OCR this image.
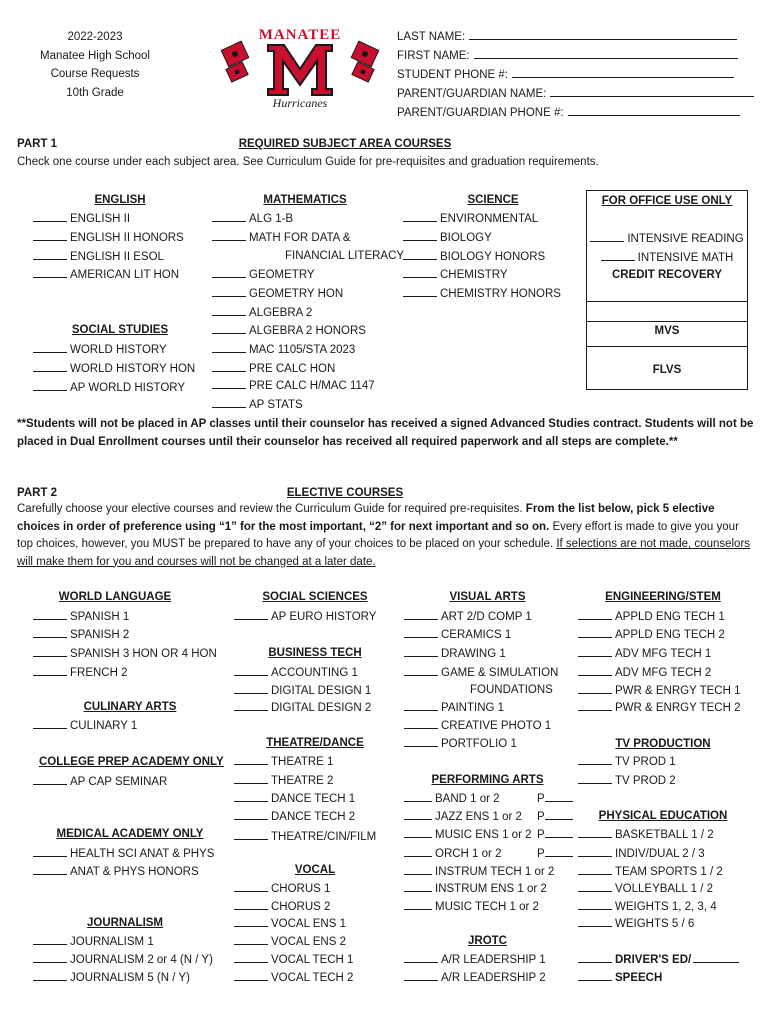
2022-2023
Manatee High School
Course Requests
10th Grade
MANATEE
Hurricanes
LAST NAME:
FIRST NAME:
STUDENT PHONE #:
PARENT/GUARDIAN NAME:
PARENT/GUARDIAN PHONE #:
PART 1	REQUIRED SUBJECT AREA COURSES
Check one course under each subject area. See Curriculum Guide for pre-requisites and graduation requirements.
ENGLISH
ENGLISH II
ENGLISH II HONORS
ENGLISH II ESOL
AMERICAN LIT HON
SOCIAL STUDIES
WORLD HISTORY
WORLD HISTORY HON
AP WORLD HISTORY
MATHEMATICS
ALG 1-B
MATH FOR DATA &
FINANCIAL LITERACY
GEOMETRY
GEOMETRY HON
ALGEBRA 2
ALGEBRA 2 HONORS
MAC 1105/STA 2023
PRE CALC HON
PRE CALC H/MAC 1147
AP STATS
SCIENCE
ENVIRONMENTAL
BIOLOGY
BIOLOGY HONORS
CHEMISTRY
CHEMISTRY HONORS
FOR OFFICE USE ONLY
INTENSIVE READING
INTENSIVE MATH
CREDIT RECOVERY
MVS
FLVS
**Students will not be placed in AP classes until their counselor has received a signed Advanced Studies contract. Students will not be placed in Dual Enrollment courses until their counselor has received all required paperwork and all steps are complete.**
PART 2	ELECTIVE COURSES
Carefully choose your elective courses and review the Curriculum Guide for required pre-requisites. From the list below, pick 5 elective choices in order of preference using “1” for the most important, “2” for next important and so on. Every effort is made to give you your top choices, however, you MUST be prepared to have any of your choices to be placed on your schedule. If selections are not made, counselors will make them for you and courses will not be changed at a later date.
WORLD LANGUAGE
SPANISH 1
SPANISH 2
SPANISH 3 HON OR 4 HON
FRENCH 2
CULINARY ARTS
CULINARY 1
COLLEGE PREP ACADEMY ONLY
AP CAP SEMINAR
MEDICAL ACADEMY ONLY
HEALTH SCI ANAT & PHYS
ANAT & PHYS HONORS
JOURNALISM
JOURNALISM 1
JOURNALISM 2 or 4 (N / Y)
JOURNALISM 5 (N / Y)
SOCIAL SCIENCES
AP EURO HISTORY
BUSINESS TECH
ACCOUNTING 1
DIGITAL DESIGN 1
DIGITAL DESIGN 2
THEATRE/DANCE
THEATRE 1
THEATRE 2
DANCE TECH 1
DANCE TECH 2
THEATRE/CIN/FILM
VOCAL
CHORUS 1
CHORUS 2
VOCAL ENS 1
VOCAL ENS 2
VOCAL TECH 1
VOCAL TECH 2
VISUAL ARTS
ART 2/D COMP 1
CERAMICS 1
DRAWING 1
GAME & SIMULATION
FOUNDATIONS
PAINTING 1
CREATIVE PHOTO 1
PORTFOLIO 1
PERFORMING ARTS
BAND 1 or 2	P
JAZZ ENS 1 or 2 P
MUSIC ENS 1 or 2 P
ORCH 1 or 2	P
INSTRUM TECH 1 or 2
INSTRUM ENS 1 or 2
MUSIC TECH 1 or 2
JROTC
A/R LEADERSHIP 1
A/R LEADERSHIP 2
ENGINEERING/STEM
APPLD ENG TECH 1
APPLD ENG TECH 2
ADV MFG TECH 1
ADV MFG TECH 2
PWR & ENRGY TECH 1
PWR & ENRGY TECH 2
TV PRODUCTION
TV PROD 1
TV PROD 2
PHYSICAL EDUCATION
BASKETBALL 1 / 2
INDIV/DUAL 2 / 3
TEAM SPORTS 1 / 2
VOLLEYBALL 1 / 2
WEIGHTS 1, 2, 3, 4
WEIGHTS 5 / 6
DRIVER'S ED/
SPEECH
